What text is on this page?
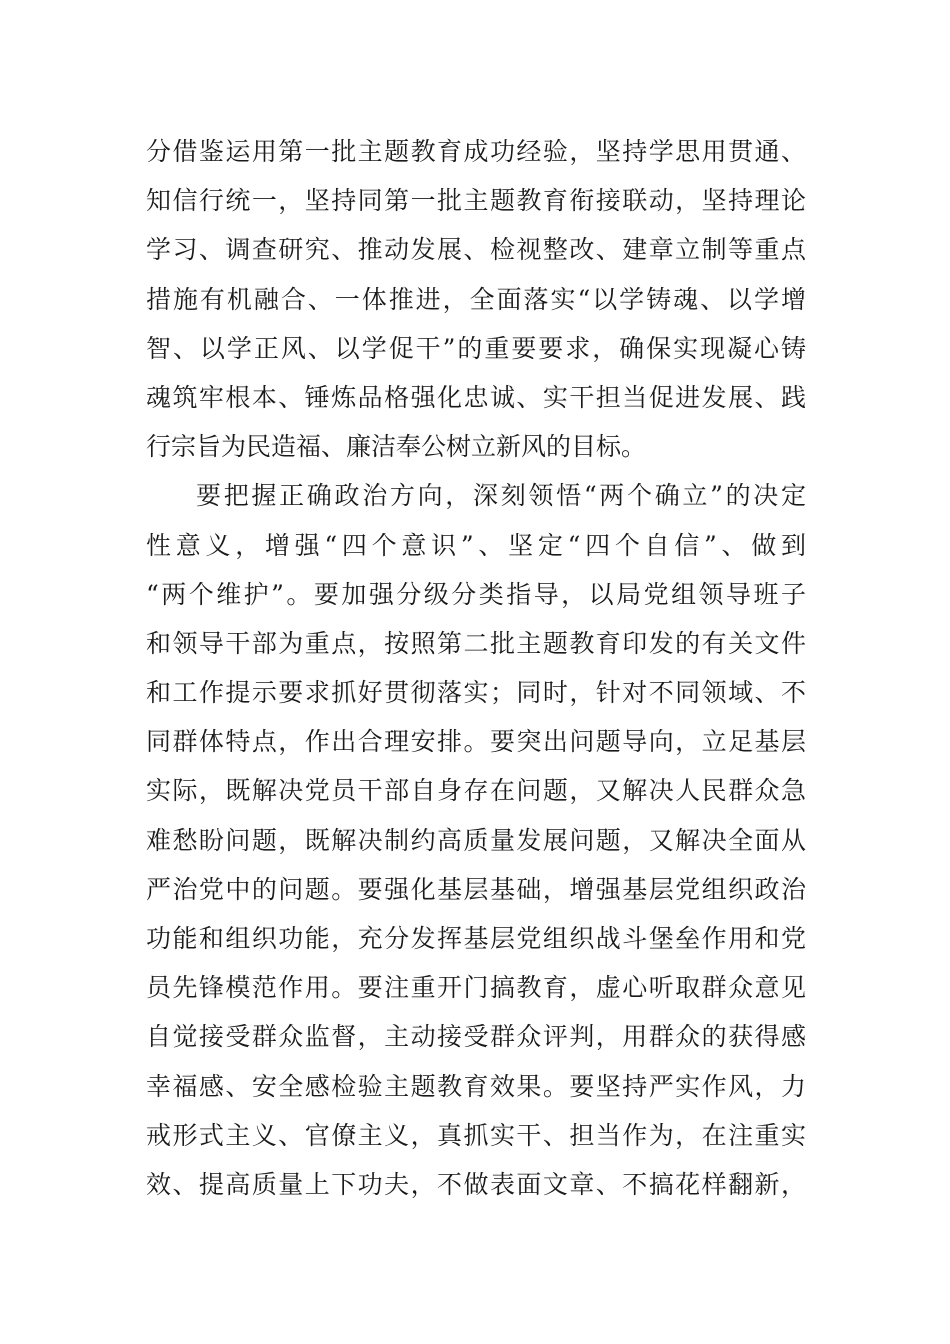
分借鉴运用第一批主题教育成功经验，坚持学思用贯通、
知信行统一，坚持同第一批主题教育衔接联动，坚持理论
学习、调查研究、推动发展、检视整改、建章立制等重点
措施有机融合、一体推进，全面落实“以学铸魂、以学增
智、以学正风、以学促干”的重要要求，确保实现凝心铸
魂筑牢根本、锤炼品格强化忠诚、实干担当促进发展、践
行宗旨为民造福、廉洁奉公树立新风的目标。
要把握正确政治方向，深刻领悟“两个确立”的决定
性意义，增强“四个意识”、坚定“四个自信”、做到
“两个维护”。要加强分级分类指导，以局党组领导班子
和领导干部为重点，按照第二批主题教育印发的有关文件
和工作提示要求抓好贯彻落实；同时，针对不同领域、不
同群体特点，作出合理安排。要突出问题导向，立足基层
实际，既解决党员干部自身存在问题，又解决人民群众急
难愁盼问题，既解决制约高质量发展问题，又解决全面从
严治党中的问题。要强化基层基础，增强基层党组织政治
功能和组织功能，充分发挥基层党组织战斗堡垒作用和党
员先锋模范作用。要注重开门搞教育，虚心听取群众意见
自觉接受群众监督，主动接受群众评判，用群众的获得感
幸福感、安全感检验主题教育效果。要坚持严实作风，力
戒形式主义、官僚主义，真抓实干、担当作为，在注重实
效、提高质量上下功夫，不做表面文章、不搞花样翻新，
